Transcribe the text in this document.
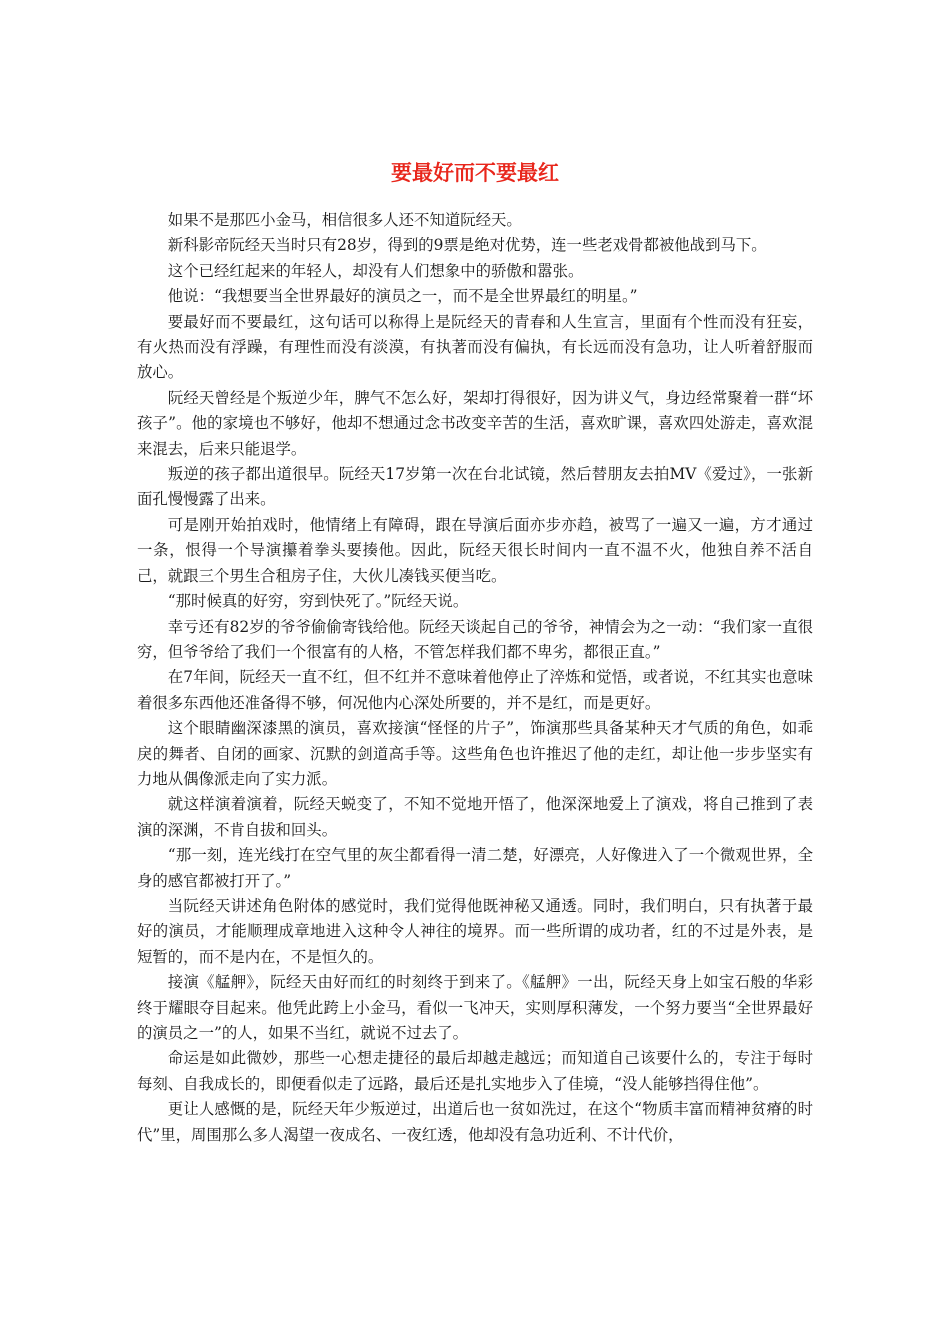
要最好而不要最红

如果不是那匹小金马，相信很多人还不知道阮经天。

新科影帝阮经天当时只有28岁，得到的9票是绝对优势，连一些老戏骨都被他战到马下。

这个已经红起来的年轻人，却没有人们想象中的骄傲和嚣张。

他说：“我想要当全世界最好的演员之一，而不是全世界最红的明星。”

要最好而不要最红，这句话可以称得上是阮经天的青春和人生宣言，里面有个性而没有狂妄，有火热而没有浮躁，有理性而没有淡漠，有执著而没有偏执，有长远而没有急功，让人听着舒服而放心。

阮经天曾经是个叛逆少年，脾气不怎么好，架却打得很好，因为讲义气，身边经常聚着一群“坏孩子”。他的家境也不够好，他却不想通过念书改变辛苦的生活，喜欢旷课，喜欢四处游走，喜欢混来混去，后来只能退学。

叛逆的孩子都出道很早。阮经天17岁第一次在台北试镜，然后替朋友去拍MV《爱过》，一张新面孔慢慢露了出来。

可是刚开始拍戏时，他情绪上有障碍，跟在导演后面亦步亦趋，被骂了一遍又一遍，方才通过一条，恨得一个导演攥着拳头要揍他。因此，阮经天很长时间内一直不温不火，他独自养不活自己，就跟三个男生合租房子住，大伙儿凑钱买便当吃。

“那时候真的好穷，穷到快死了。”阮经天说。

幸亏还有82岁的爷爷偷偷寄钱给他。阮经天谈起自己的爷爷，神情会为之一动：“我们家一直很穷，但爷爷给了我们一个很富有的人格，不管怎样我们都不卑劣，都很正直。”

在7年间，阮经天一直不红，但不红并不意味着他停止了淬炼和觉悟，或者说，不红其实也意味着很多东西他还准备得不够，何况他内心深处所要的，并不是红，而是更好。

这个眼睛幽深漆黑的演员，喜欢接演“怪怪的片子”，饰演那些具备某种天才气质的角色，如乖戾的舞者、自闭的画家、沉默的剑道高手等。这些角色也许推迟了他的走红，却让他一步步坚实有力地从偶像派走向了实力派。

就这样演着演着，阮经天蜕变了，不知不觉地开悟了，他深深地爱上了演戏，将自己推到了表演的深渊，不肯自拔和回头。

“那一刻，连光线打在空气里的灰尘都看得一清二楚，好漂亮，人好像进入了一个微观世界，全身的感官都被打开了。”

当阮经天讲述角色附体的感觉时，我们觉得他既神秘又通透。同时，我们明白，只有执著于最好的演员，才能顺理成章地进入这种令人神往的境界。而一些所谓的成功者，红的不过是外表，是短暂的，而不是内在，不是恒久的。

接演《艋舺》，阮经天由好而红的时刻终于到来了。《艋舺》一出，阮经天身上如宝石般的华彩终于耀眼夺目起来。他凭此跨上小金马，看似一飞冲天，实则厚积薄发，一个努力要当“全世界最好的演员之一”的人，如果不当红，就说不过去了。

命运是如此微妙，那些一心想走捷径的最后却越走越远；而知道自己该要什么的，专注于每时每刻、自我成长的，即便看似走了远路，最后还是扎实地步入了佳境，“没人能够挡得住他”。

更让人感慨的是，阮经天年少叛逆过，出道后也一贫如洗过，在这个“物质丰富而精神贫瘠的时代”里，周围那么多人渴望一夜成名、一夜红透，他却没有急功近利、不计代价，
